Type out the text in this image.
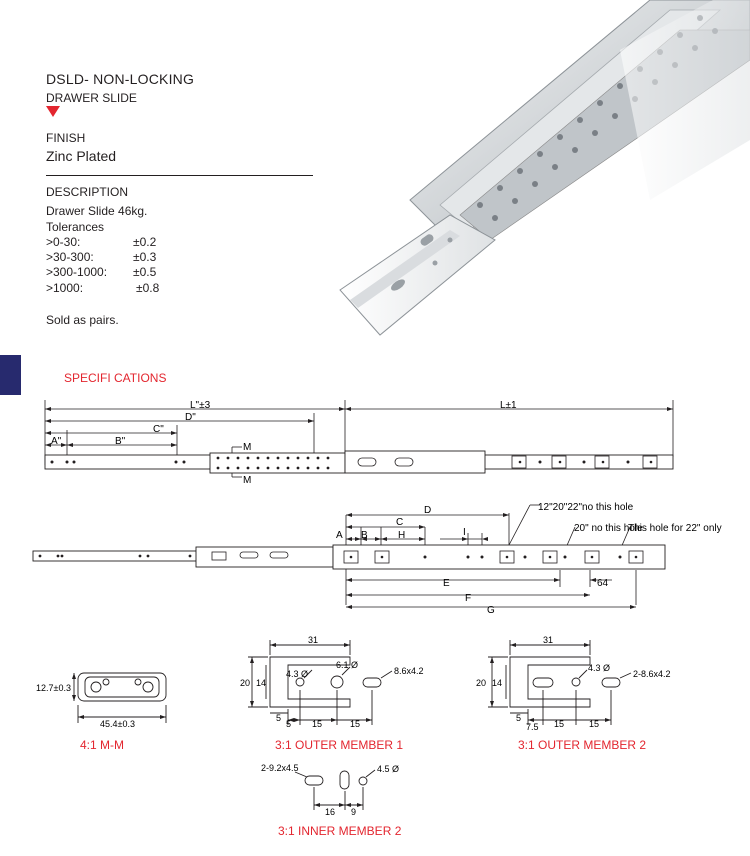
DSLD- NON-LOCKING
DRAWER SLIDE
FINISH
Zinc Plated
DESCRIPTION
Drawer Slide 46kg.
Tolerances
>0-30:	±0.2
>30-300:	±0.3
>300-1000: ±0.5
>1000:	±0.8
Sold as pairs.
SPECIFI CATIONS
L"±3
D"
C"
B"
A"
M
M
L±1
A B
C
D
H	I
E
F
G
64
12"20"22"no this hole
20" no this hole
This hole for 22" only
12.7±0.3
45.4±0.3
4:1 M-M
31
20 14
4.3 Ø
6.1 Ø
8.6x4.2
5
5 15	15
3:1 OUTER MEMBER 1
31
20 14
4.3 Ø
2-8.6x4.2
5
7.5 15	15
3:1 OUTER MEMBER 2
2-9.2x4.5	4.5 Ø
16 9
3:1 INNER MEMBER 2
